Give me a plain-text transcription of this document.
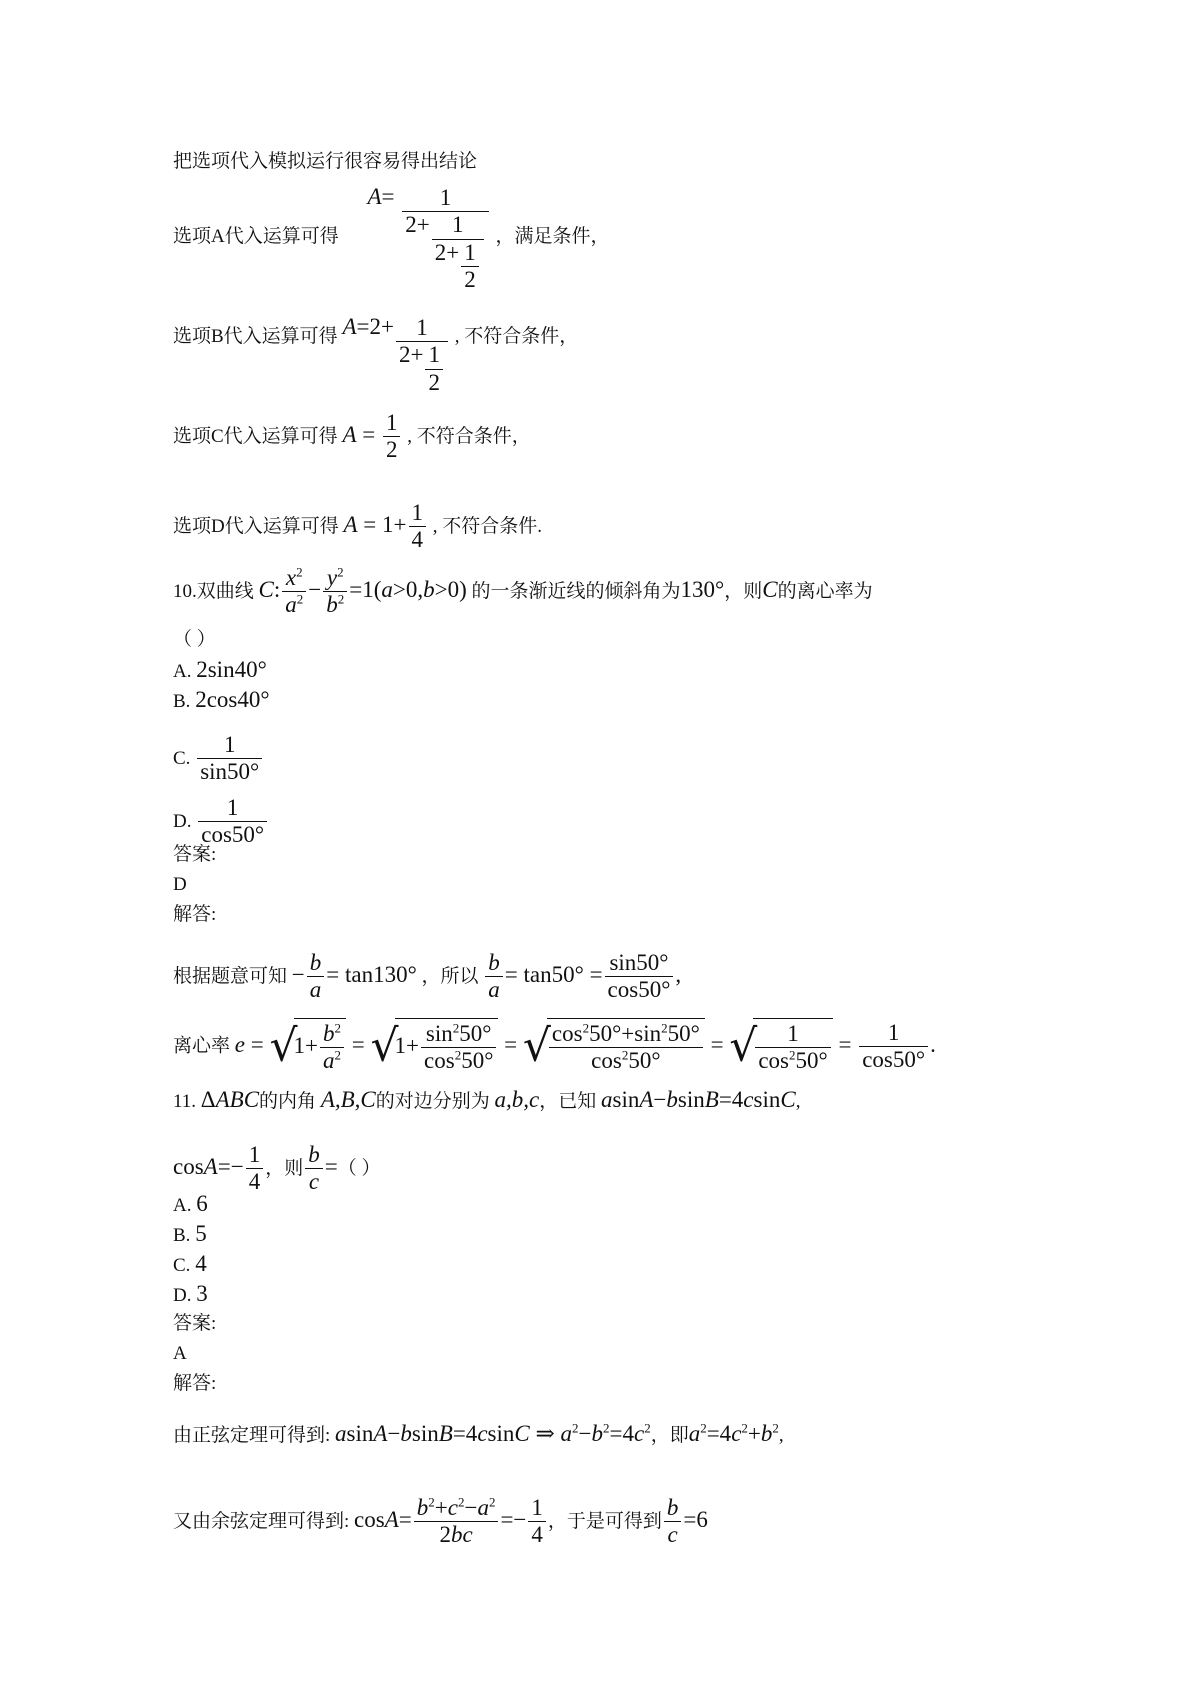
把选项代入模拟运行很容易得出结论
选项A代入运算可得 $A= \frac{1}{2+ \frac{1}{2+ \frac{1}{2}}}$ ，满足条件，
选项B代入运算可得 $A=2+ \frac{1}{2+ \frac{1}{2}}$ , 不符合条件，
选项C代入运算可得 $A = \frac{1}{2}$ , 不符合条件，
选项D代入运算可得 $A = 1+ \frac{1}{4}$ , 不符合条件.
10.双曲线 C: $\frac{x^2}{a^2} - \frac{y^2}{b^2} =1(a>0,b>0)$ 的一条渐近线的倾斜角为130°，则C的离心率为
（ ）
A. 2sin40°
B. 2cos40°
C. $\frac{1}{\sin 50^\circ}$
D. $\frac{1}{\cos 50^\circ}$
答案:
D
解答:
根据题意可知 − $\frac{b}{a} = \tan 130^\circ$ ，所以 $\frac{b}{a} = \tan 50^\circ = \frac{\sin 50^\circ}{\cos 50^\circ}$ ,
离心率 $e = √1+ \frac{b^2}{a^2} = √1+ \frac{\sin^250^\circ}{\cos^250^\circ}$ = √
$\frac{\cos^250^\circ+\sin^250^\circ}{\cos^250^\circ}$ = √
$\frac{1}{\cos^250^\circ} = \frac{1}{\cos 50^\circ}$ .
11. ΔABC的内角 A,B,C的对边分别为 a,b,c，已知 asinA−bsinB=4csinC,
$\cos A=- \frac{1}{4}$ ，则 $\frac{b}{c}$ =（ ）
A. 6
B. 5
C. 4
D. 3
答案:
A
解答:
由正弦定理可得到: asinA−bsinB=4csinC ⇒ $a^2-b^2=4c^2$，即$a^2=4c^2+b^2$,
又由余弦定理可得到: $\cos A= \frac{b^2+c^2-a^2}{2bc} =- \frac{1}{4}$ ，于是可得到 $\frac{b}{c} =6$
